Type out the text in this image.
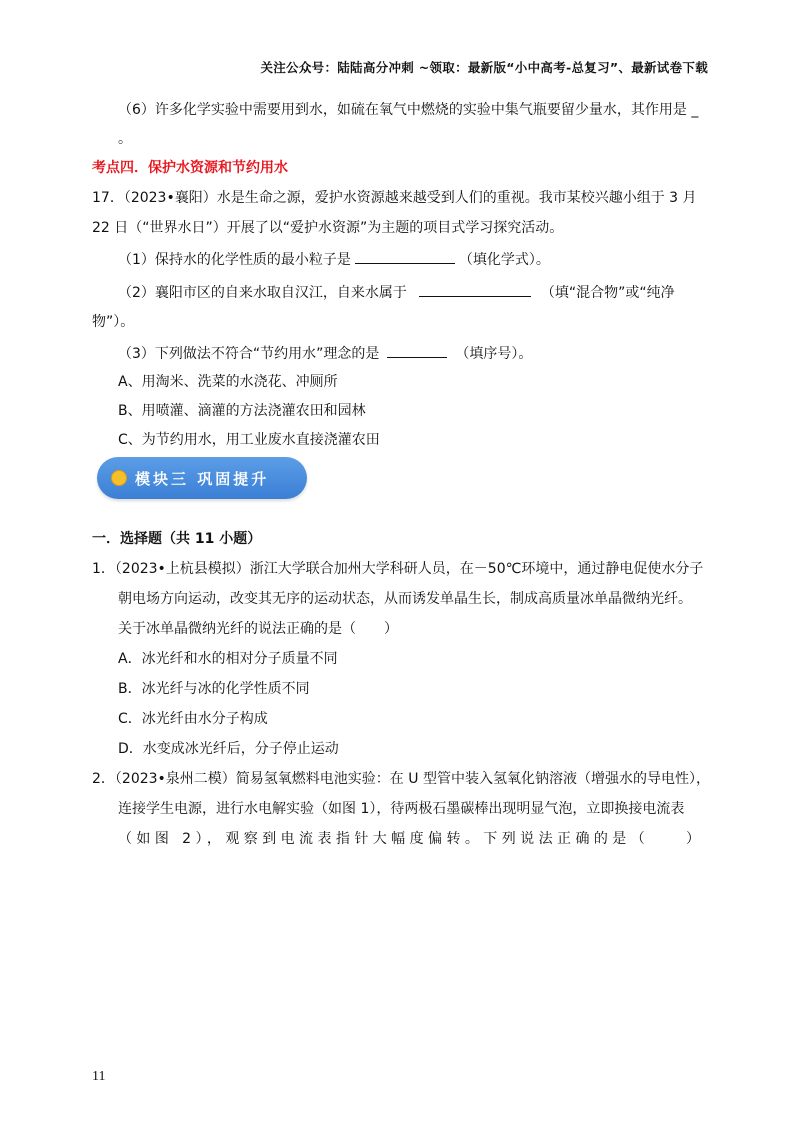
关注公众号：陆陆高分冲刺 ~领取：最新版“小中高考-总复习”、最新试卷下载
（6）许多化学实验中需要用到水，如硫在氧气中燃烧的实验中集气瓶要留少量水，其作用是 _
。
考点四．保护水资源和节约用水
17．（2023•襄阳）水是生命之源，爱护水资源越来越受到人们的重视。我市某校兴趣小组于 3 月
22 日（“世界水日”）开展了以“爱护水资源”为主题的项目式学习探究活动。
（1）保持水的化学性质的最小粒子是	（填化学式）。
（2）襄阳市区的自来水取自汉江，自来水属于	（填“混合物”或“纯净
物”）。
（3）下列做法不符合“节约用水”理念的是	（填序号）。
A、用淘米、洗菜的水浇花、冲厕所
B、用喷灌、滴灌的方法浇灌农田和园林
C、为节约用水，用工业废水直接浇灌农田
模块三 巩固提升
一．选择题（共 11 小题）
1．（2023•上杭县模拟）浙江大学联合加州大学科研人员，在－50℃环境中，通过静电促使水分子
朝电场方向运动，改变其无序的运动状态，从而诱发单晶生长，制成高质量冰单晶微纳光纤。
关于冰单晶微纳光纤的说法正确的是（　　）
A．冰光纤和水的相对分子质量不同
B．冰光纤与冰的化学性质不同
C．冰光纤由水分子构成
D．水变成冰光纤后，分子停止运动
2．（2023•泉州二模）简易氢氧燃料电池实验：在 U 型管中装入氢氧化钠溶液（增强水的导电性），
连接学生电源，进行水电解实验（如图 1），待两极石墨碳棒出现明显气泡，立即换接电流表
（如图 2），观察到电流表指针大幅度偏转。下列说法正确的是（　　）
11
